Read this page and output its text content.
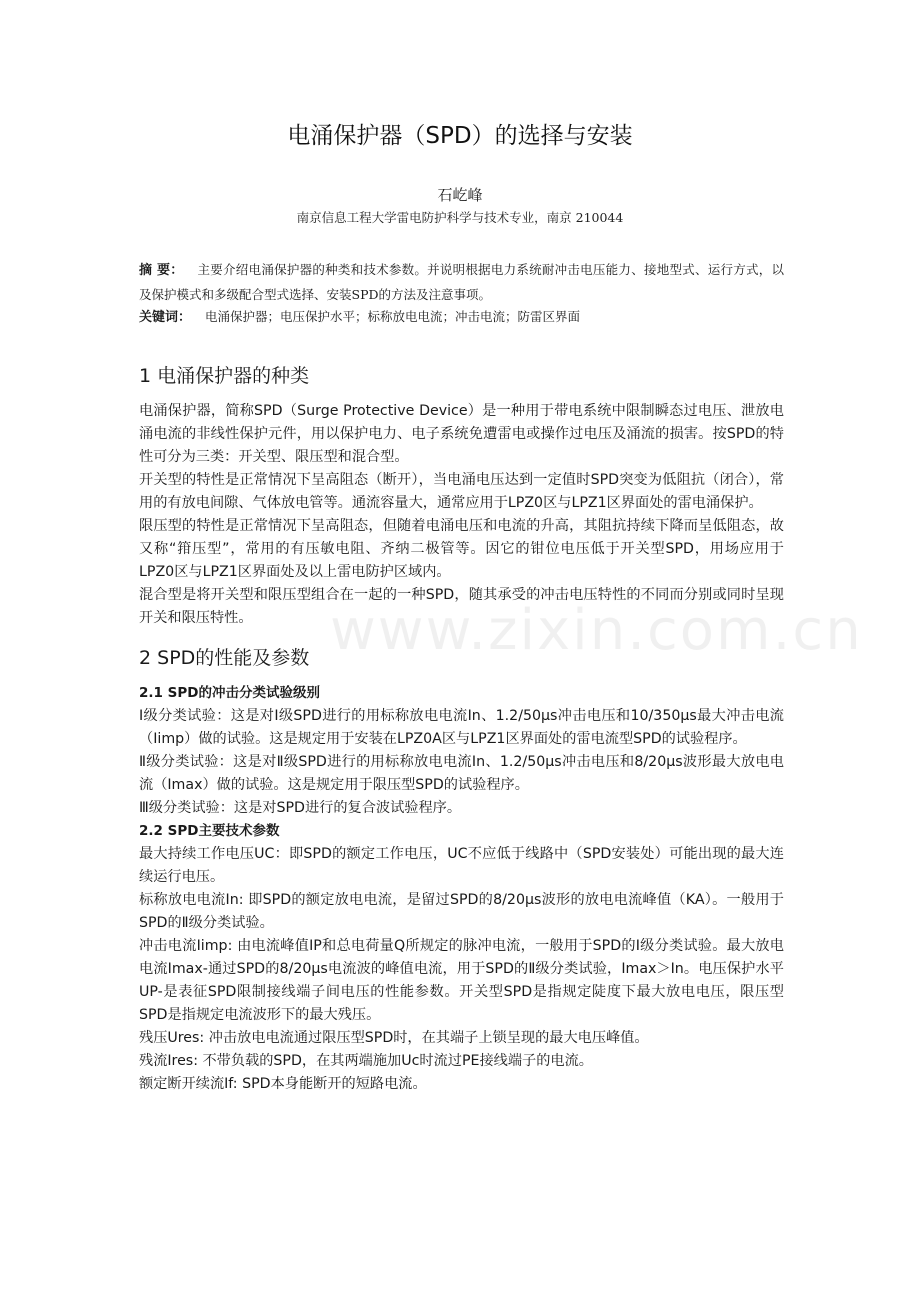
电涌保护器（SPD）的选择与安装
石屹峰
南京信息工程大学雷电防护科学与技术专业，南京 210044
摘 要： 主要介绍电涌保护器的种类和技术参数。并说明根据电力系统耐冲击电压能力、接地型式、运行方式，以及保护模式和多级配合型式选择、安装SPD的方法及注意事项。
关键词： 电涌保护器；电压保护水平；标称放电电流；冲击电流；防雷区界面
www.zixin.com.cn
1 电涌保护器的种类

电涌保护器，简称SPD（Surge Protective Device）是一种用于带电系统中限制瞬态过电压、泄放电涌电流的非线性保护元件，用以保护电力、电子系统免遭雷电或操作过电压及涌流的损害。按SPD的特性可分为三类：开关型、限压型和混合型。

开关型的特性是正常情况下呈高阻态（断开），当电涌电压达到一定值时SPD突变为低阻抗（闭合），常用的有放电间隙、气体放电管等。通流容量大，通常应用于LPZ0区与LPZ1区界面处的雷电涌保护。

限压型的特性是正常情况下呈高阻态，但随着电涌电压和电流的升高，其阻抗持续下降而呈低阻态，故又称“箝压型”，常用的有压敏电阻、齐纳二极管等。因它的钳位电压低于开关型SPD，用场应用于LPZ0区与LPZ1区界面处及以上雷电防护区域内。

混合型是将开关型和限压型组合在一起的一种SPD，随其承受的冲击电压特性的不同而分别或同时呈现开关和限压特性。

2 SPD的性能及参数
2.1 SPD的冲击分类试验级别

Ⅰ级分类试验：这是对Ⅰ级SPD进行的用标称放电电流In、1.2/50μs冲击电压和10/350μs最大冲击电流（Iimp）做的试验。这是规定用于安装在LPZ0A区与LPZ1区界面处的雷电流型SPD的试验程序。

Ⅱ级分类试验：这是对Ⅱ级SPD进行的用标称放电电流In、1.2/50μs冲击电压和8/20μs波形最大放电电流（Imax）做的试验。这是规定用于限压型SPD的试验程序。

Ⅲ级分类试验：这是对SPD进行的复合波试验程序。

2.2 SPD主要技术参数

最大持续工作电压UC：即SPD的额定工作电压，UC不应低于线路中（SPD安装处）可能出现的最大连续运行电压。

标称放电电流In: 即SPD的额定放电电流，是留过SPD的8/20μs波形的放电电流峰值（KA）。一般用于SPD的Ⅱ级分类试验。

冲击电流Iimp: 由电流峰值IP和总电荷量Q所规定的脉冲电流，一般用于SPD的Ⅰ级分类试验。最大放电电流Imax-通过SPD的8/20μs电流波的峰值电流，用于SPD的Ⅱ级分类试验，Imax＞In。电压保护水平UP-是表征SPD限制接线端子间电压的性能参数。开关型SPD是指规定陡度下最大放电电压，限压型SPD是指规定电流波形下的最大残压。

残压Ures: 冲击放电电流通过限压型SPD时，在其端子上锁呈现的最大电压峰值。

残流Ires: 不带负载的SPD，在其两端施加Uc时流过PE接线端子的电流。

额定断开续流If: SPD本身能断开的短路电流。
